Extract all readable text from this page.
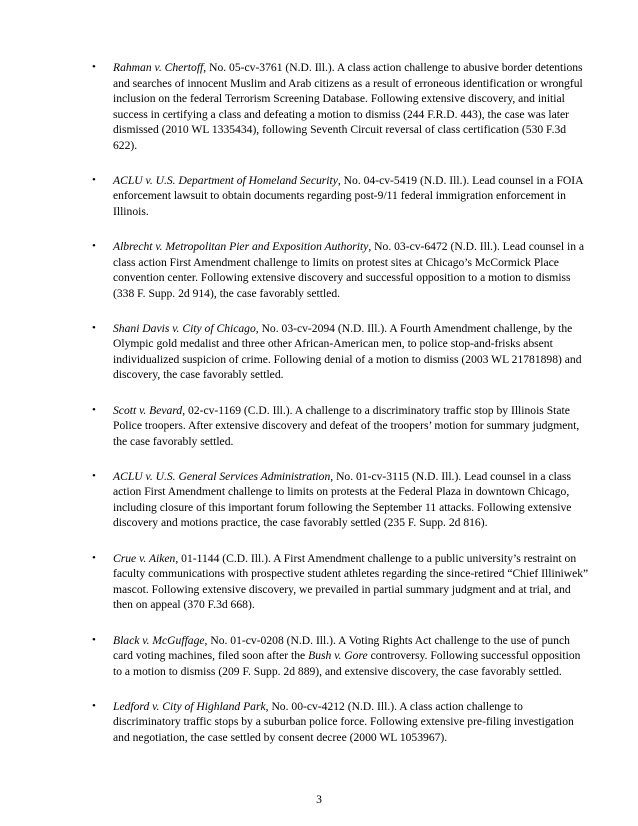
• Rahman v. Chertoff, No. 05-cv-3761 (N.D. Ill.). A class action challenge to abusive border detentions and searches of innocent Muslim and Arab citizens as a result of erroneous identification or wrongful inclusion on the federal Terrorism Screening Database. Following extensive discovery, and initial success in certifying a class and defeating a motion to dismiss (244 F.R.D. 443), the case was later dismissed (2010 WL 1335434), following Seventh Circuit reversal of class certification (530 F.3d 622).
• ACLU v. U.S. Department of Homeland Security, No. 04-cv-5419 (N.D. Ill.). Lead counsel in a FOIA enforcement lawsuit to obtain documents regarding post-9/11 federal immigration enforcement in Illinois.
• Albrecht v. Metropolitan Pier and Exposition Authority, No. 03-cv-6472 (N.D. Ill.). Lead counsel in a class action First Amendment challenge to limits on protest sites at Chicago’s McCormick Place convention center. Following extensive discovery and successful opposition to a motion to dismiss (338 F. Supp. 2d 914), the case favorably settled.
• Shani Davis v. City of Chicago, No. 03-cv-2094 (N.D. Ill.). A Fourth Amendment challenge, by the Olympic gold medalist and three other African-American men, to police stop-and-frisks absent individualized suspicion of crime. Following denial of a motion to dismiss (2003 WL 21781898) and discovery, the case favorably settled.
• Scott v. Bevard, 02-cv-1169 (C.D. Ill.). A challenge to a discriminatory traffic stop by Illinois State Police troopers. After extensive discovery and defeat of the troopers’ motion for summary judgment, the case favorably settled.
• ACLU v. U.S. General Services Administration, No. 01-cv-3115 (N.D. Ill.). Lead counsel in a class action First Amendment challenge to limits on protests at the Federal Plaza in downtown Chicago, including closure of this important forum following the September 11 attacks. Following extensive discovery and motions practice, the case favorably settled (235 F. Supp. 2d 816).
• Crue v. Aiken, 01-1144 (C.D. Ill.). A First Amendment challenge to a public university’s restraint on faculty communications with prospective student athletes regarding the since-retired “Chief Illiniwek” mascot. Following extensive discovery, we prevailed in partial summary judgment and at trial, and then on appeal (370 F.3d 668).
• Black v. McGuffage, No. 01-cv-0208 (N.D. Ill.). A Voting Rights Act challenge to the use of punch card voting machines, filed soon after the Bush v. Gore controversy. Following successful opposition to a motion to dismiss (209 F. Supp. 2d 889), and extensive discovery, the case favorably settled.
• Ledford v. City of Highland Park, No. 00-cv-4212 (N.D. Ill.). A class action challenge to discriminatory traffic stops by a suburban police force. Following extensive pre-filing investigation and negotiation, the case settled by consent decree (2000 WL 1053967).
3
